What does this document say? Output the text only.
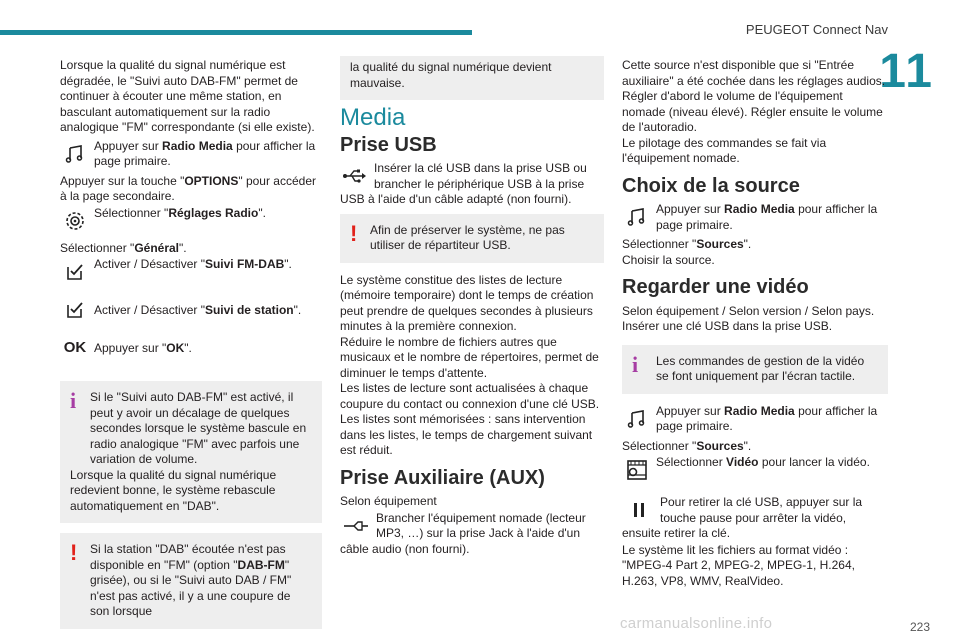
PEUGEOT Connect Nav
11

Lorsque la qualité du signal numérique est dégradée, le "Suivi auto DAB-FM" permet de continuer à écouter une même station, en basculant automatiquement sur la radio analogique "FM" correspondante (si elle existe).

Appuyer sur Radio Media pour afficher la page primaire.

Appuyer sur la touche "OPTIONS" pour accéder à la page secondaire.

Sélectionner "Réglages Radio".

Sélectionner "Général".

Activer / Désactiver "Suivi FM-DAB".
Activer / Désactiver "Suivi de station".
OK Appuyer sur "OK".
i	Si le "Suivi auto DAB-FM" est activé, il peut y avoir un décalage de quelques secondes lorsque le système bascule en radio analogique "FM" avec parfois une variation de volume.

Lorsque la qualité du signal numérique redevient bonne, le système rebascule automatiquement en "DAB".

!	Si la station "DAB" écoutée n'est pas disponible en "FM" (option "DAB-FM" grisée), ou si le "Suivi auto DAB / FM" n'est pas activé, il y a une coupure de son lorsque

la qualité du signal numérique devient mauvaise.

Media
Prise USB
Insérer la clé USB dans la prise USB ou brancher le périphérique USB à la prise USB à l'aide d'un câble adapté (non fourni).
!	Afin de préserver le système, ne pas utiliser de répartiteur USB.

Le système constitue des listes de lecture (mémoire temporaire) dont le temps de création peut prendre de quelques secondes à plusieurs minutes à la première connexion.

Réduire le nombre de fichiers autres que musicaux et le nombre de répertoires, permet de diminuer le temps d'attente.

Les listes de lecture sont actualisées à chaque coupure du contact ou connexion d'une clé USB. Les listes sont mémorisées : sans intervention dans les listes, le temps de chargement suivant est réduit.

Prise Auxiliaire (AUX)

Selon équipement

Brancher l'équipement nomade (lecteur MP3, …) sur la prise Jack à l'aide d'un câble audio (non fourni).

Cette source n'est disponible que si "Entrée auxiliaire" a été cochée dans les réglages audios.

Régler d'abord le volume de l'équipement nomade (niveau élevé). Régler ensuite le volume de l'autoradio.

Le pilotage des commandes se fait via l'équipement nomade.

Choix de la source
Appuyer sur Radio Media pour afficher la page primaire.

Sélectionner "Sources".

Choisir la source.

Regarder une vidéo

Selon équipement / Selon version / Selon pays.

Insérer une clé USB dans la prise USB.

i	Les commandes de gestion de la vidéo se font uniquement par l'écran tactile.

Appuyer sur Radio Media pour afficher la page primaire.

Sélectionner "Sources".

Sélectionner Vidéo pour lancer la vidéo.
Pour retirer la clé USB, appuyer sur la touche pause pour arrêter la vidéo, ensuite retirer la clé.

Le système lit les fichiers au format vidéo :

"MPEG-4 Part 2, MPEG-2, MPEG-1, H.264, H.263, VP8, WMV, RealVideo.

carmanualsonline.info	223
